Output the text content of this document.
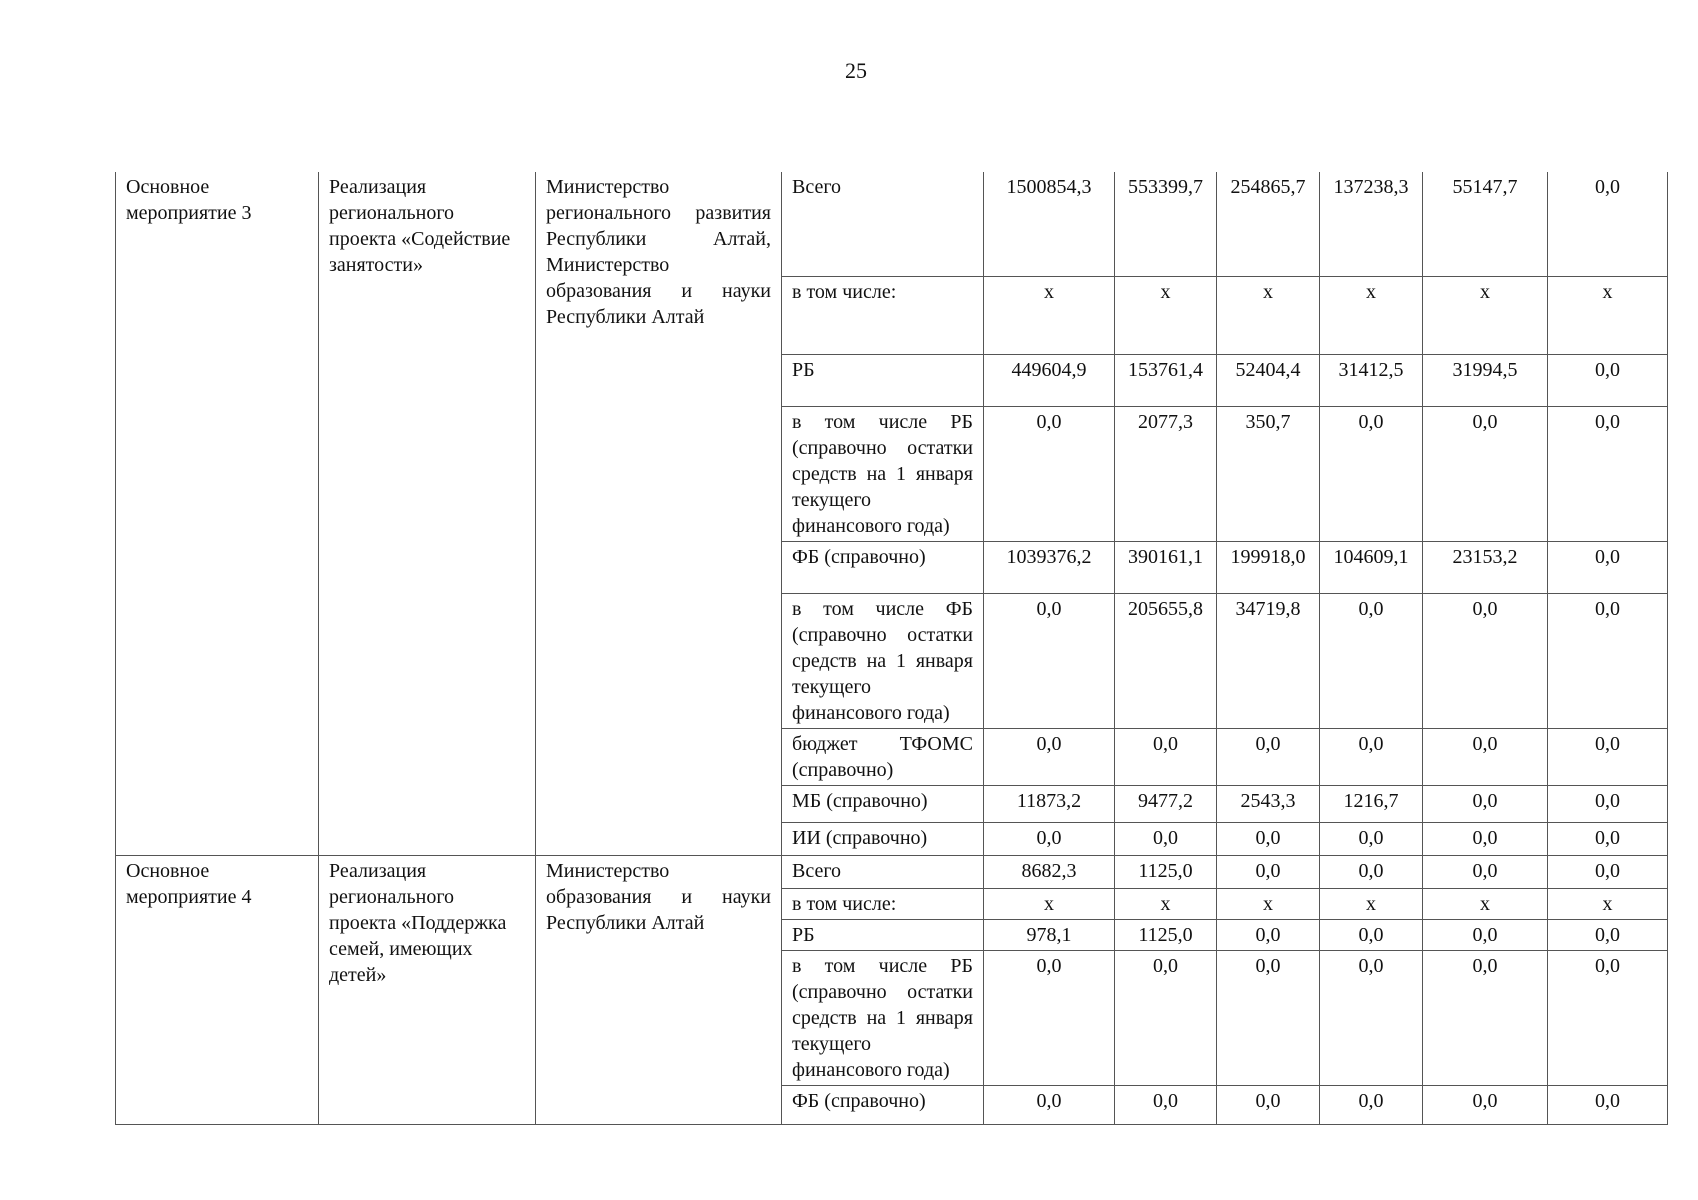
25
Основное мероприятие 3	Реализация регионального проекта «Содействие занятости»	Министерство регионального развития Республики Алтай, Министерство образования и науки Республики Алтай	Всего	1500854,3	553399,7	254865,7	137238,3	55147,7	0,0
			в том числе:	х	х	х	х	х	х
			РБ	449604,9	153761,4	52404,4	31412,5	31994,5	0,0
			в том числе РБ (справочно остатки средств на 1 января текущего финансового года)	0,0	2077,3	350,7	0,0	0,0	0,0
			ФБ (справочно)	1039376,2	390161,1	199918,0	104609,1	23153,2	0,0
			в том числе ФБ (справочно остатки средств на 1 января текущего финансового года)	0,0	205655,8	34719,8	0,0	0,0	0,0
			бюджет ТФОМС (справочно)	0,0	0,0	0,0	0,0	0,0	0,0
			МБ (справочно)	11873,2	9477,2	2543,3	1216,7	0,0	0,0
			ИИ (справочно)	0,0	0,0	0,0	0,0	0,0	0,0
Основное мероприятие 4	Реализация регионального проекта «Поддержка семей, имеющих детей»	Министерство образования и науки Республики Алтай	Всего	8682,3	1125,0	0,0	0,0	0,0	0,0
			в том числе:	х	х	х	х	х	х
			РБ	978,1	1125,0	0,0	0,0	0,0	0,0
			в том числе РБ (справочно остатки средств на 1 января текущего финансового года)	0,0	0,0	0,0	0,0	0,0	0,0
			ФБ (справочно)	0,0	0,0	0,0	0,0	0,0	0,0
